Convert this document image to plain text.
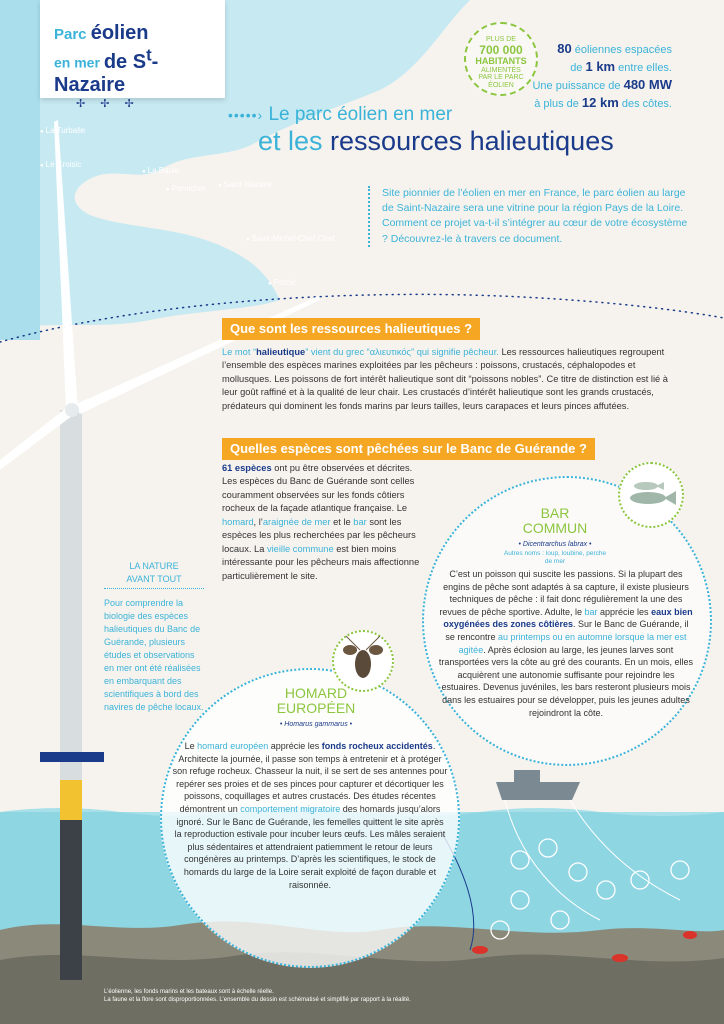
Parc éolien
en mer de $S^t$-Nazaire
✢ ✢ ✢
PLUS DE
700 000
HABITANTS
ALIMENTÉS
PAR LE PARC
ÉOLIEN
80 éoliennes espacées
de 1 km entre elles.
Une puissance de 480 MW
à plus de 12 km des côtes.
● La Turballe
● Le Croisic
● La Baule
● Pornichet
●	Saint-Nazaire
● Saint-Michel-Chef-Chef
● Pornic
•••••› Le parc éolien en mer
et les ressources halieutiques
Site pionnier de l’éolien en mer en France, le parc éolien au large de Saint-Nazaire sera une vitrine pour la région Pays de la Loire. Comment ce projet va-t-il s’intégrer au cœur de votre écosystème ? Découvrez-le à travers ce document.
Que sont les ressources halieutiques ?
Le mot “halieutique” vient du grec “αλιευτικός” qui signifie pêcheur. Les ressources halieutiques regroupent l’ensemble des espèces marines exploitées par les pêcheurs : poissons, crustacés, céphalopodes et mollusques. Les poissons de fort intérêt halieutique sont dit “poissons nobles”. Ce titre de distinction est lié à leur goût raffiné et à la qualité de leur chair. Les crustacés d’intérêt halieutique sont les grands crustacés, prédateurs qui dominent les fonds marins par leurs tailles, leurs carapaces et leurs pinces affutées.
Quelles espèces sont pêchées sur le Banc de Guérande ?
61 espèces ont pu être observées et décrites. Les espèces du Banc de Guérande sont celles couramment observées sur les fonds côtiers rocheux de la façade atlantique française. Le homard, l’araignée de mer et le bar sont les espèces les plus recherchées par les pêcheurs locaux. La vieille commune est bien moins intéressante pour les pêcheurs mais affectionne particulièrement le site.
LA NATURE
AVANT TOUT
Pour comprendre la biologie des espèces halieutiques du Banc de Guérande, plusieurs études et observations en mer ont été réalisées en embarquant des scientifiques à bord des navires de pêche locaux.
BAR
COMMUN
• Dicentrarchus labrax •
Autres noms : loup, loubine, perche de mer
C’est un poisson qui suscite les passions. Si la plupart des engins de pêche sont adaptés à sa capture, il existe plusieurs techniques de pêche : il fait donc régulièrement la une des revues de pêche sportive. Adulte, le bar apprécie les eaux bien oxygénées des zones côtières. Sur le Banc de Guérande, il se rencontre au printemps ou en automne lorsque la mer est agitée. Après éclosion au large, les jeunes larves sont transportées vers la côte au gré des courants. En un mois, elles acquièrent une autonomie suffisante pour rejoindre les estuaires. Devenus juvéniles, les bars resteront plusieurs mois dans les estuaires pour se développer, puis les jeunes adultes rejoindront la côte.
HOMARD
EUROPÉEN
• Homarus gammarus •
Le homard européen apprécie les fonds rocheux accidentés. Architecte la journée, il passe son temps à entretenir et à protéger son refuge rocheux. Chasseur la nuit, il se sert de ses antennes pour repérer ses proies et de ses pinces pour capturer et décortiquer les poissons, coquillages et autres crustacés. Des études récentes démontrent un comportement migratoire des homards jusqu’alors ignoré. Sur le Banc de Guérande, les femelles quittent le site après la reproduction estivale pour incuber leurs œufs. Les mâles seraient plus sédentaires et attendraient patiemment le retour de leurs congénères au printemps. D’après les scientifiques, le stock de homards du large de la Loire serait exploité de façon durable et raisonnée.
L’éolienne, les fonds marins et les bateaux sont à échelle réelle.
La faune et la flore sont disproportionnées. L’ensemble du dessin est schématisé et simplifié par rapport à la réalité.
